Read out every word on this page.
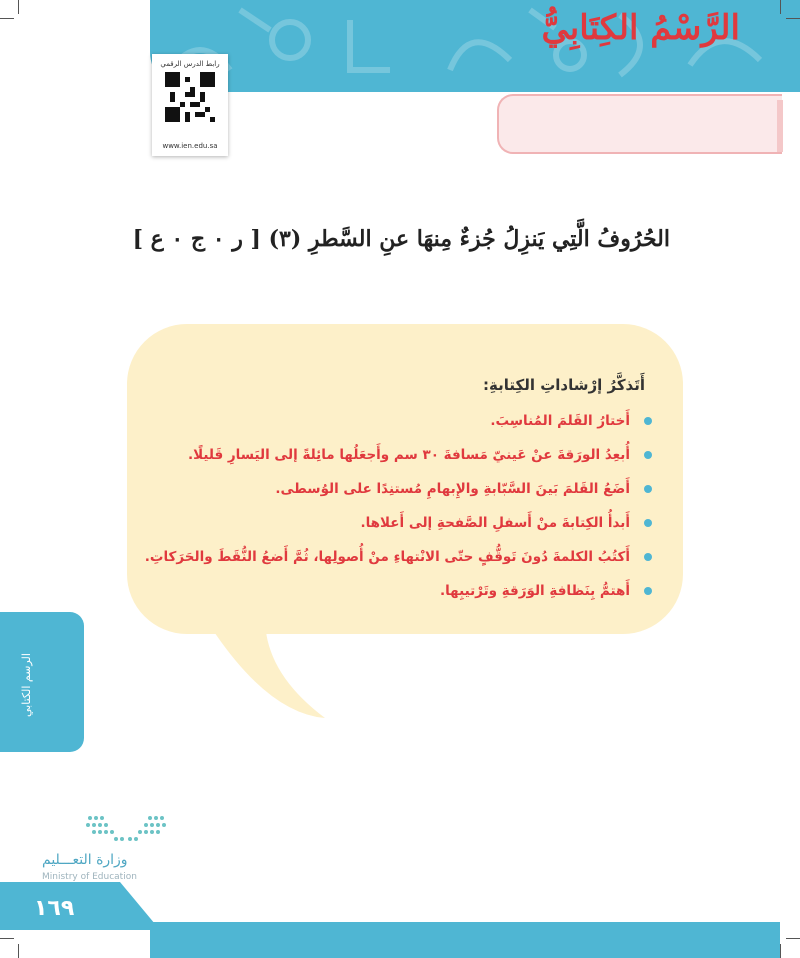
رابط الدرس الرقمي
www.ien.edu.sa
الرَّسْمُ الكِتَابِيُّ
الحُرُوفُ الَّتِي يَنزِلُ جُزءٌ مِنهَا عنِ السَّطرِ (٣) [ ر ٠ ج ٠ ع ]
أَتَذكَّرُ إرْشاداتِ الكِتابةِ:
أَختارُ القَلمَ المُناسِبَ.
أُبعِدُ الورَقةَ عنْ عَينيّ مَسافةَ ٣٠ سم وأَجعَلُها مائِلةً إلى اليَسارِ قَليلًا.
أَضَعُ القَلمَ بَينَ السَّبّابةِ والإِبهامِ مُستنِدًا على الوُسطى.
أَبدأُ الكِتابةَ منْ أَسفلِ الصَّفحةِ إلى أَعلاها.
أَكتُبُ الكلمةَ دُونَ تَوقُّفٍ حتّى الانْتهاءِ منْ أُصولِها، ثُمَّ أَضعُ النُّقَطَ والحَرَكاتِ.
أَهتمُّ بِنَظافةِ الوَرَقةِ وتَرْتيبِها.
الرسم الكتابي
وزارة التعـــليم
Ministry of Education
١٦٩
